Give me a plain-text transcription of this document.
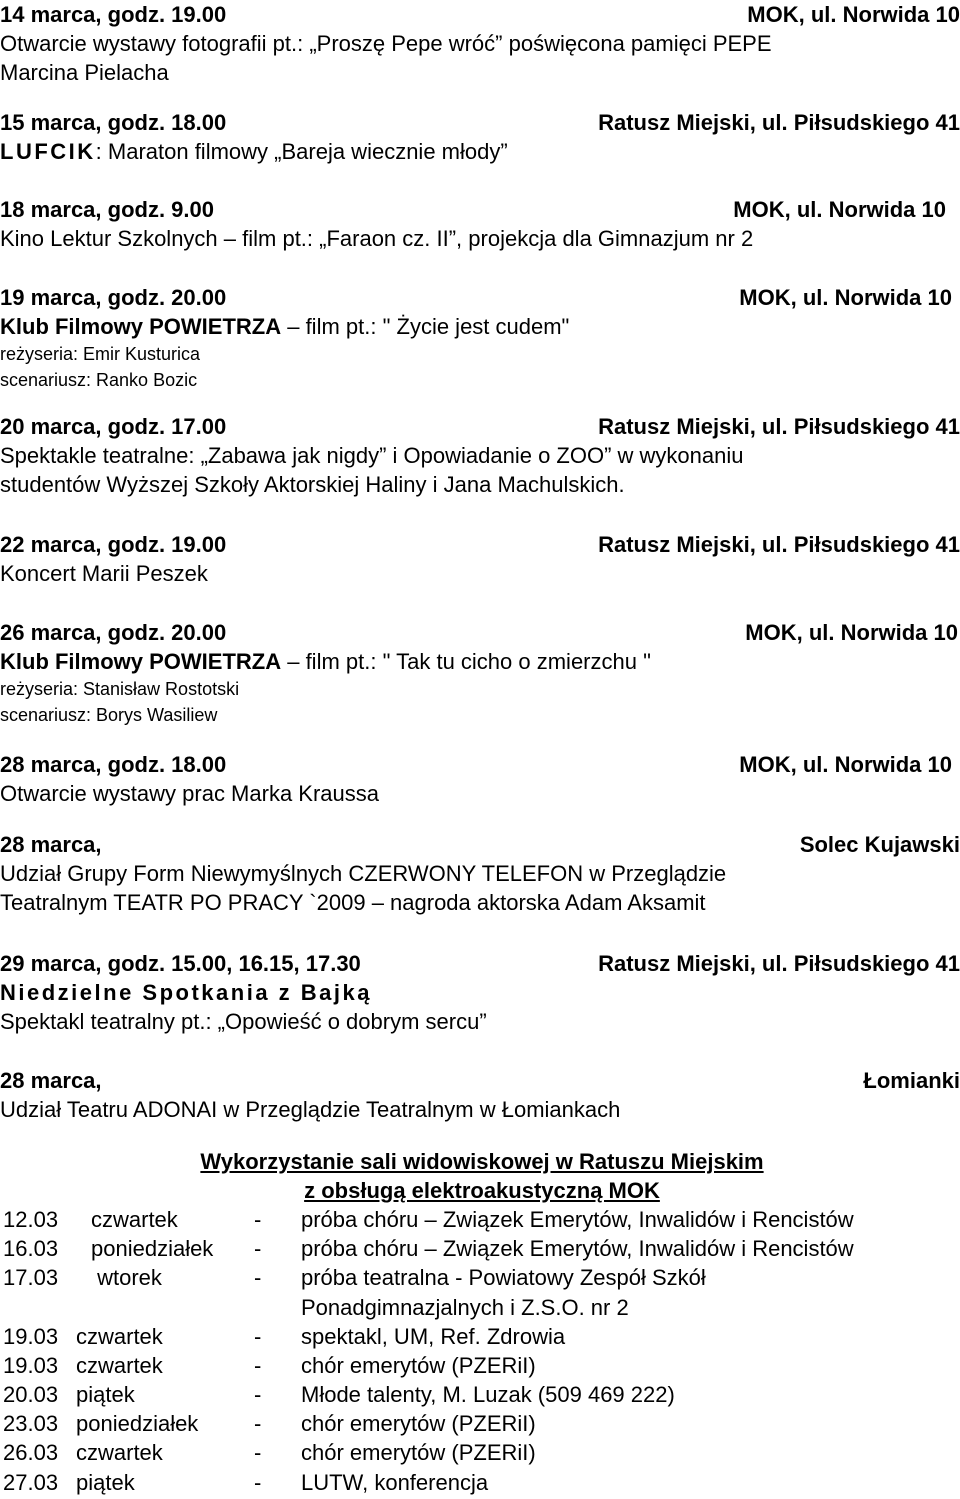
14 marca, godz. 19.00	MOK, ul. Norwida 10
Otwarcie wystawy fotografii pt.: „Proszę Pepe wróć” poświęcona pamięci PEPE
Marcina Pielacha
15 marca, godz. 18.00	Ratusz Miejski, ul. Piłsudskiego 41
LUFCIK: Maraton filmowy „Bareja wiecznie młody”
18 marca, godz. 9.00	MOK, ul. Norwida 10
Kino Lektur Szkolnych – film pt.: „Faraon cz. II”, projekcja dla Gimnazjum nr 2
19 marca, godz. 20.00	MOK, ul. Norwida 10
Klub Filmowy POWIETRZA – film pt.: " Życie jest cudem"
reżyseria: Emir Kusturica
scenariusz: Ranko Bozic
20 marca, godz. 17.00	Ratusz Miejski, ul. Piłsudskiego 41
Spektakle teatralne: „Zabawa jak nigdy” i Opowiadanie o ZOO” w wykonaniu
studentów Wyższej Szkoły Aktorskiej Haliny i Jana Machulskich.
22 marca, godz. 19.00	Ratusz Miejski, ul. Piłsudskiego 41
Koncert Marii Peszek
26 marca, godz. 20.00	MOK, ul. Norwida 10
Klub Filmowy POWIETRZA – film pt.: " Tak tu cicho o zmierzchu "
reżyseria: Stanisław Rostotski
scenariusz: Borys Wasiliew
28 marca, godz. 18.00	MOK, ul. Norwida 10
Otwarcie wystawy prac Marka Kraussa
28 marca,	Solec Kujawski
Udział Grupy Form Niewymyślnych CZERWONY TELEFON w Przeglądzie
Teatralnym TEATR PO PRACY `2009 – nagroda aktorska Adam Aksamit
29 marca, godz. 15.00, 16.15, 17.30	Ratusz Miejski, ul. Piłsudskiego 41
Niedzielne Spotkania z Bajką
Spektakl teatralny pt.: „Opowieść o dobrym sercu”
28 marca,	Łomianki
Udział Teatru ADONAI w Przeglądzie Teatralnym w Łomiankach
Wykorzystanie sali widowiskowej w Ratuszu Miejskim
z obsługą elektroakustyczną MOK
12.03 czwartek	- próba chóru – Związek Emerytów, Inwalidów i Rencistów
16.03 poniedziałek - próba chóru – Związek Emerytów, Inwalidów i Rencistów
17.03 wtorek	- próba teatralna - Powiatowy Zespół Szkół
Ponadgimnazjalnych i Z.S.O. nr 2
19.03 czwartek	- spektakl, UM, Ref. Zdrowia
19.03 czwartek	- chór emerytów (PZERiI)
20.03 piątek	- Młode talenty, M. Luzak (509 469 222)
23.03 poniedziałek	- chór emerytów (PZERiI)
26.03 czwartek	- chór emerytów (PZERiI)
27.03 piątek	- LUTW, konferencja
